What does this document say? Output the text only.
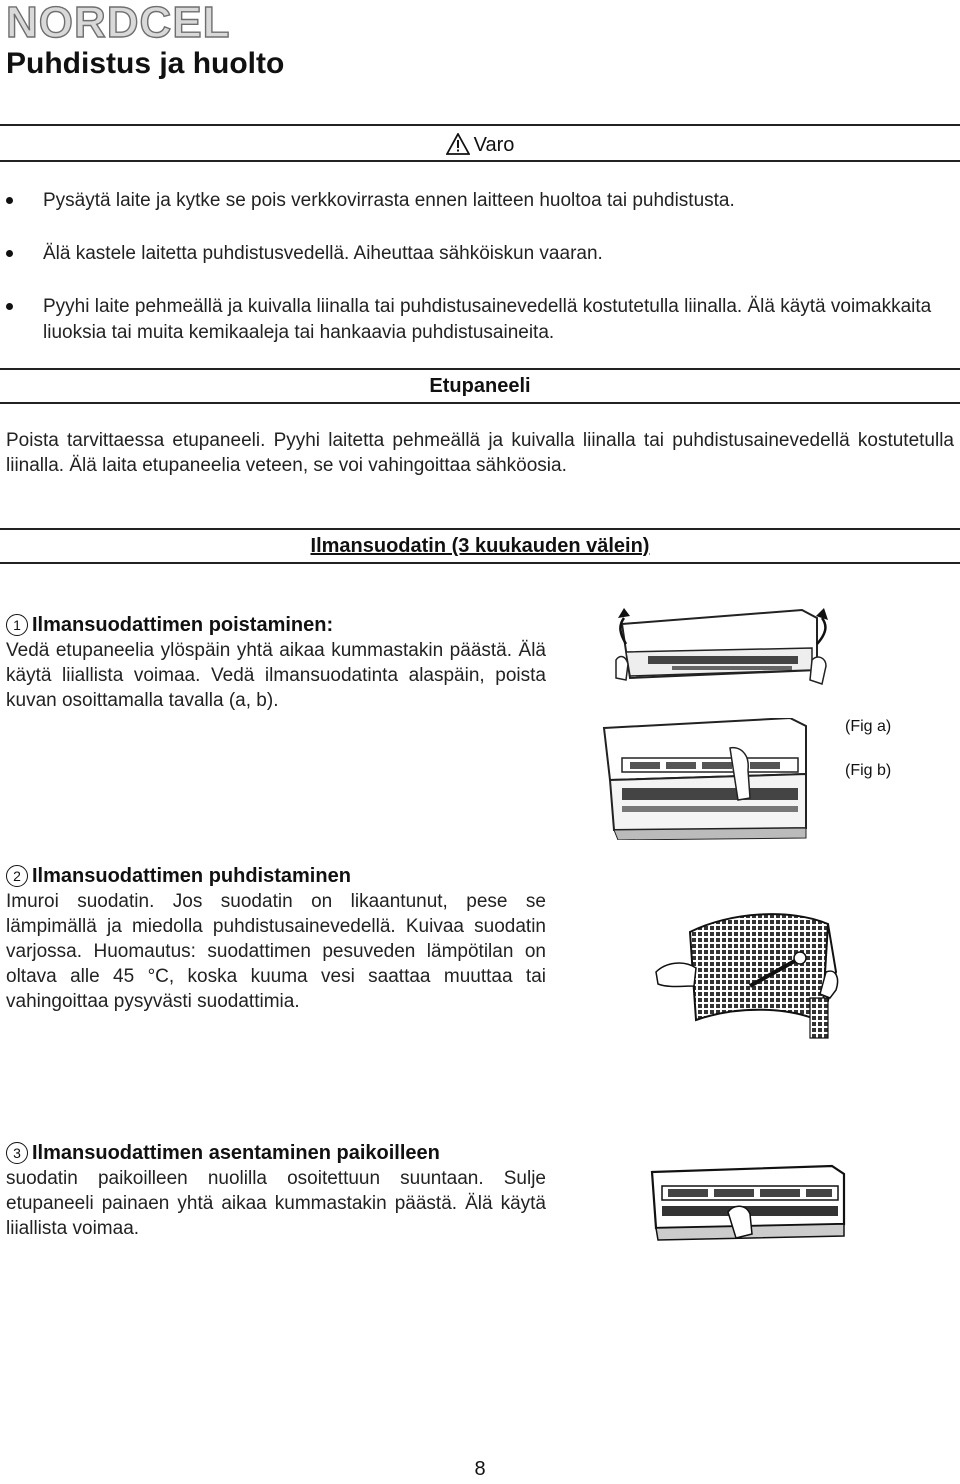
NORDCEL
Puhdistus ja huolto
Varo
Pysäytä laite ja kytke se pois verkkovirrasta ennen laitteen huoltoa tai puhdistusta.
Älä kastele laitetta puhdistusvedellä. Aiheuttaa sähköiskun vaaran.
Pyyhi laite pehmeällä ja kuivalla liinalla tai puhdistusainevedellä kostutetulla liinalla. Älä käytä voimakkaita liuoksia tai muita kemikaaleja tai hankaavia puhdistusaineita.
Etupaneeli
Poista tarvittaessa etupaneeli. Pyyhi laitetta pehmeällä ja kuivalla liinalla tai puhdistusainevedellä kostutetulla liinalla. Älä laita etupaneelia veteen, se voi vahingoittaa sähköosia.
Ilmansuodatin (3 kuukauden välein)
1 Ilmansuodattimen poistaminen:
Vedä etupaneelia ylöspäin yhtä aikaa kummastakin päästä. Älä käytä liiallista voimaa. Vedä ilmansuodatinta alaspäin, poista kuvan osoittamalla tavalla (a, b).
(Fig a)
(Fig b)
2 Ilmansuodattimen puhdistaminen
Imuroi suodatin. Jos suodatin on likaantunut, pese se lämpimällä ja miedolla puhdistusainevedellä. Kuivaa suodatin varjossa. Huomautus: suodattimen pesuveden lämpötilan on oltava alle 45 °C, koska kuuma vesi saattaa muuttaa tai vahingoittaa pysyvästi suodattimia.
3 Ilmansuodattimen asentaminen paikoilleen
suodatin paikoilleen nuolilla osoitettuun suuntaan. Sulje etupaneeli painaen yhtä aikaa kummastakin päästä. Älä käytä liiallista voimaa.
8
